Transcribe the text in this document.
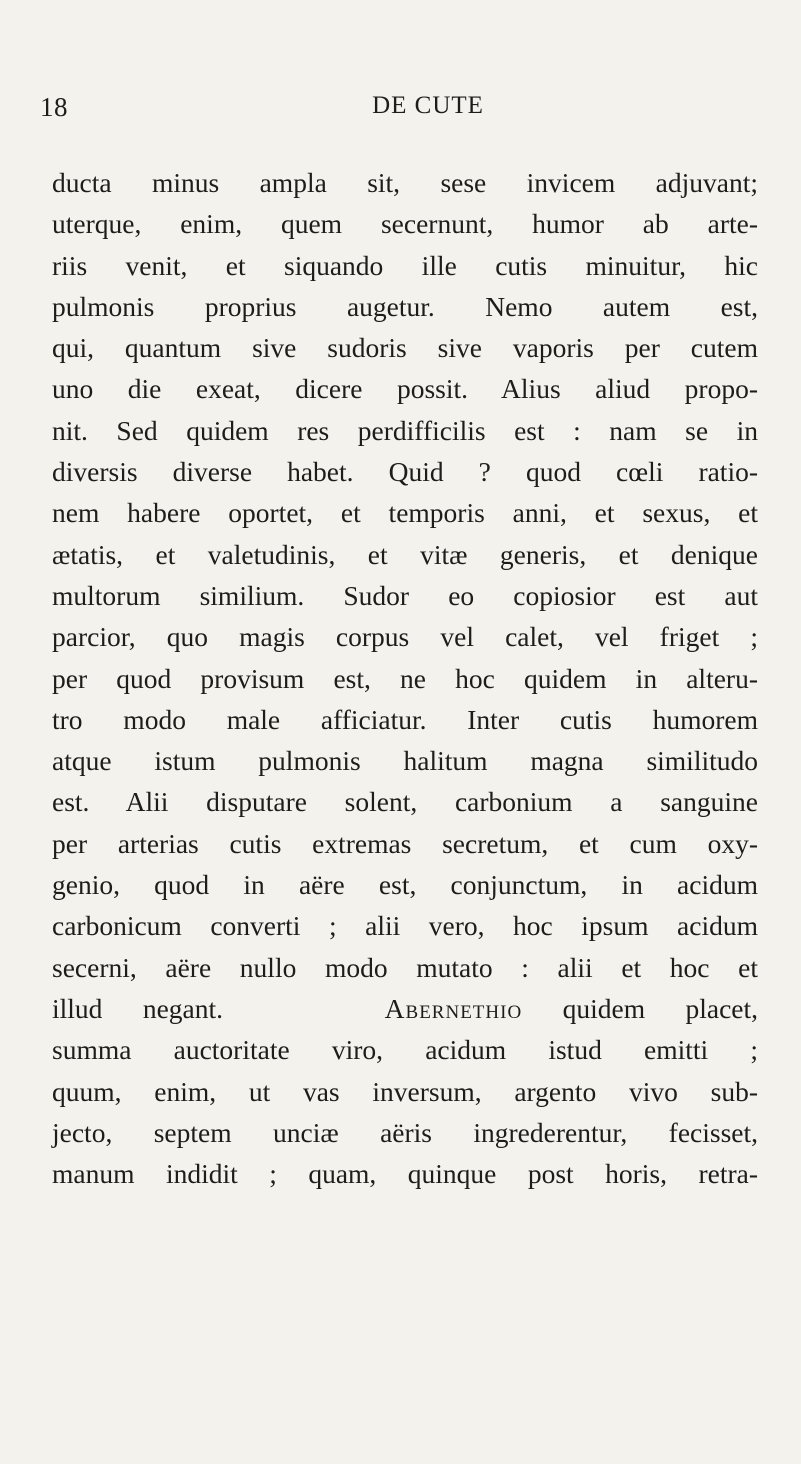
18	DE CUTE
ducta minus ampla sit, sese invicem adjuvant;
uterque, enim, quem secernunt, humor ab arte-
riis venit, et siquando ille cutis minuitur, hic
pulmonis proprius augetur. Nemo autem est,
qui, quantum sive sudoris sive vaporis per cutem
uno die exeat, dicere possit. Alius aliud propo-
nit. Sed quidem res perdifficilis est : nam se in
diversis diverse habet. Quid ? quod cœli ratio-
nem habere oportet, et temporis anni, et sexus, et
ætatis, et valetudinis, et vitæ generis, et denique
multorum similium. Sudor eo copiosior est aut
parcior, quo magis corpus vel calet, vel friget ;
per quod provisum est, ne hoc quidem in alteru-
tro modo male afficiatur. Inter cutis humorem
atque istum pulmonis halitum magna similitudo
est. Alii disputare solent, carbonium a sanguine
per arterias cutis extremas secretum, et cum oxy-
genio, quod in aëre est, conjunctum, in acidum
carbonicum converti ; alii vero, hoc ipsum acidum
secerni, aëre nullo modo mutato : alii et hoc et
illud negant.	Abernethio quidem placet,
summa auctoritate viro, acidum istud emitti ;
quum, enim, ut vas inversum, argento vivo sub-
jecto, septem unciæ aëris ingrederentur, fecisset,
manum indidit ; quam, quinque post horis, retra-
